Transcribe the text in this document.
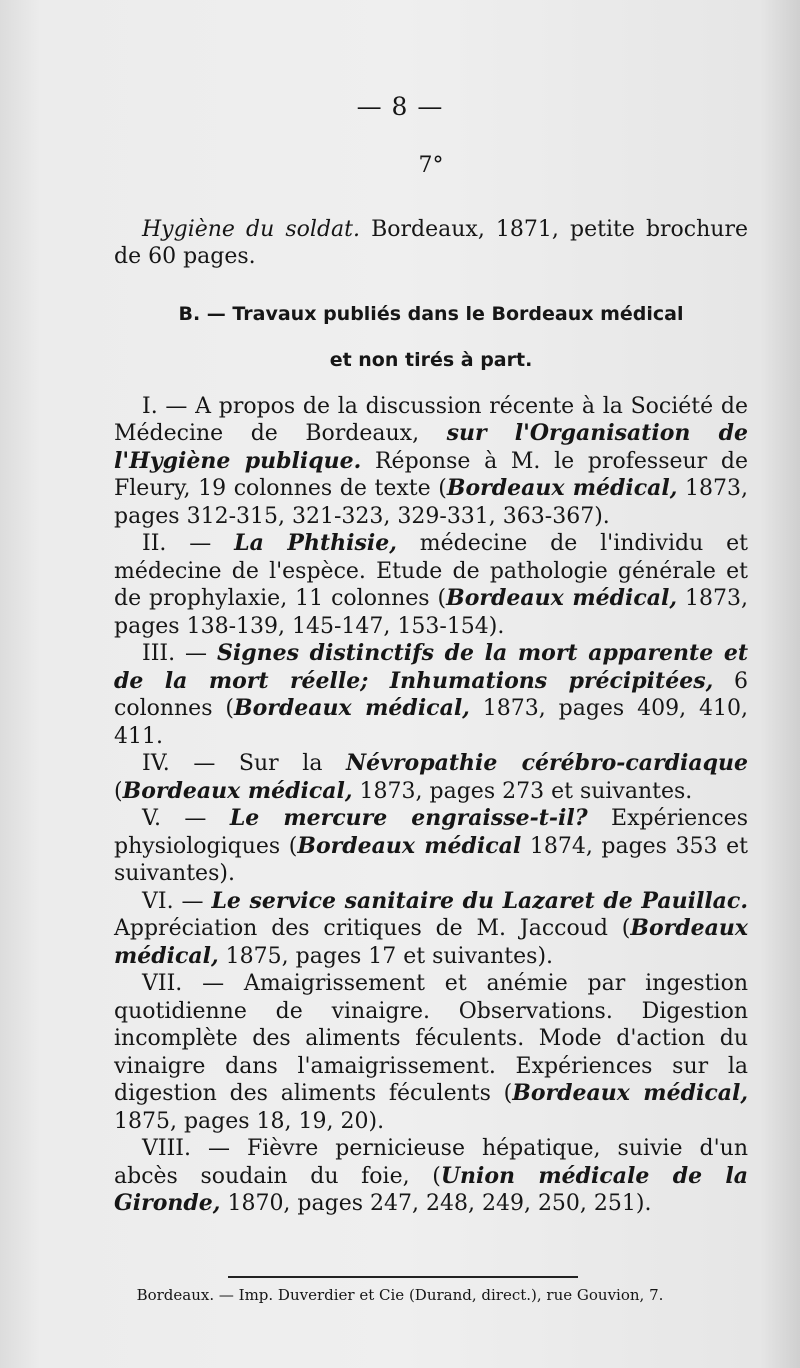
— 8 —

7°

Hygiène du soldat. Bordeaux, 1871, petite brochure de 60 pages.

B. — Travaux publiés dans le Bordeaux médical
et non tirés à part.

I. — A propos de la discussion récente à la Société de Médecine de Bordeaux, sur l'Organisation de l'Hygiène publique. Réponse à M. le professeur de Fleury, 19 colonnes de texte (Bordeaux médical, 1873, pages 312-315, 321-323, 329-331, 363-367).

II. — La Phthisie, médecine de l'individu et médecine de l'espèce. Etude de pathologie générale et de prophylaxie, 11 colonnes (Bordeaux médical, 1873, pages 138-139, 145-147, 153-154).

III. — Signes distinctifs de la mort apparente et de la mort réelle; Inhumations précipitées, 6 colonnes (Bordeaux médical, 1873, pages 409, 410, 411.

IV. — Sur la Névropathie cérébro-cardiaque (Bordeaux médical, 1873, pages 273 et suivantes.

V. — Le mercure engraisse-t-il? Expériences physiologiques (Bordeaux médical 1874, pages 353 et suivantes).

VI. — Le service sanitaire du Lazaret de Pauillac. Appréciation des critiques de M. Jaccoud (Bordeaux médical, 1875, pages 17 et suivantes).

VII. — Amaigrissement et anémie par ingestion quotidienne de vinaigre. Observations. Digestion incomplète des aliments féculents. Mode d'action du vinaigre dans l'amaigrissement. Expériences sur la digestion des aliments féculents (Bordeaux médical, 1875, pages 18, 19, 20).

VIII. — Fièvre pernicieuse hépatique, suivie d'un abcès soudain du foie, (Union médicale de la Gironde, 1870, pages 247, 248, 249, 250, 251).

Bordeaux. — Imp. Duverdier et Cie (Durand, direct.), rue Gouvion, 7.
